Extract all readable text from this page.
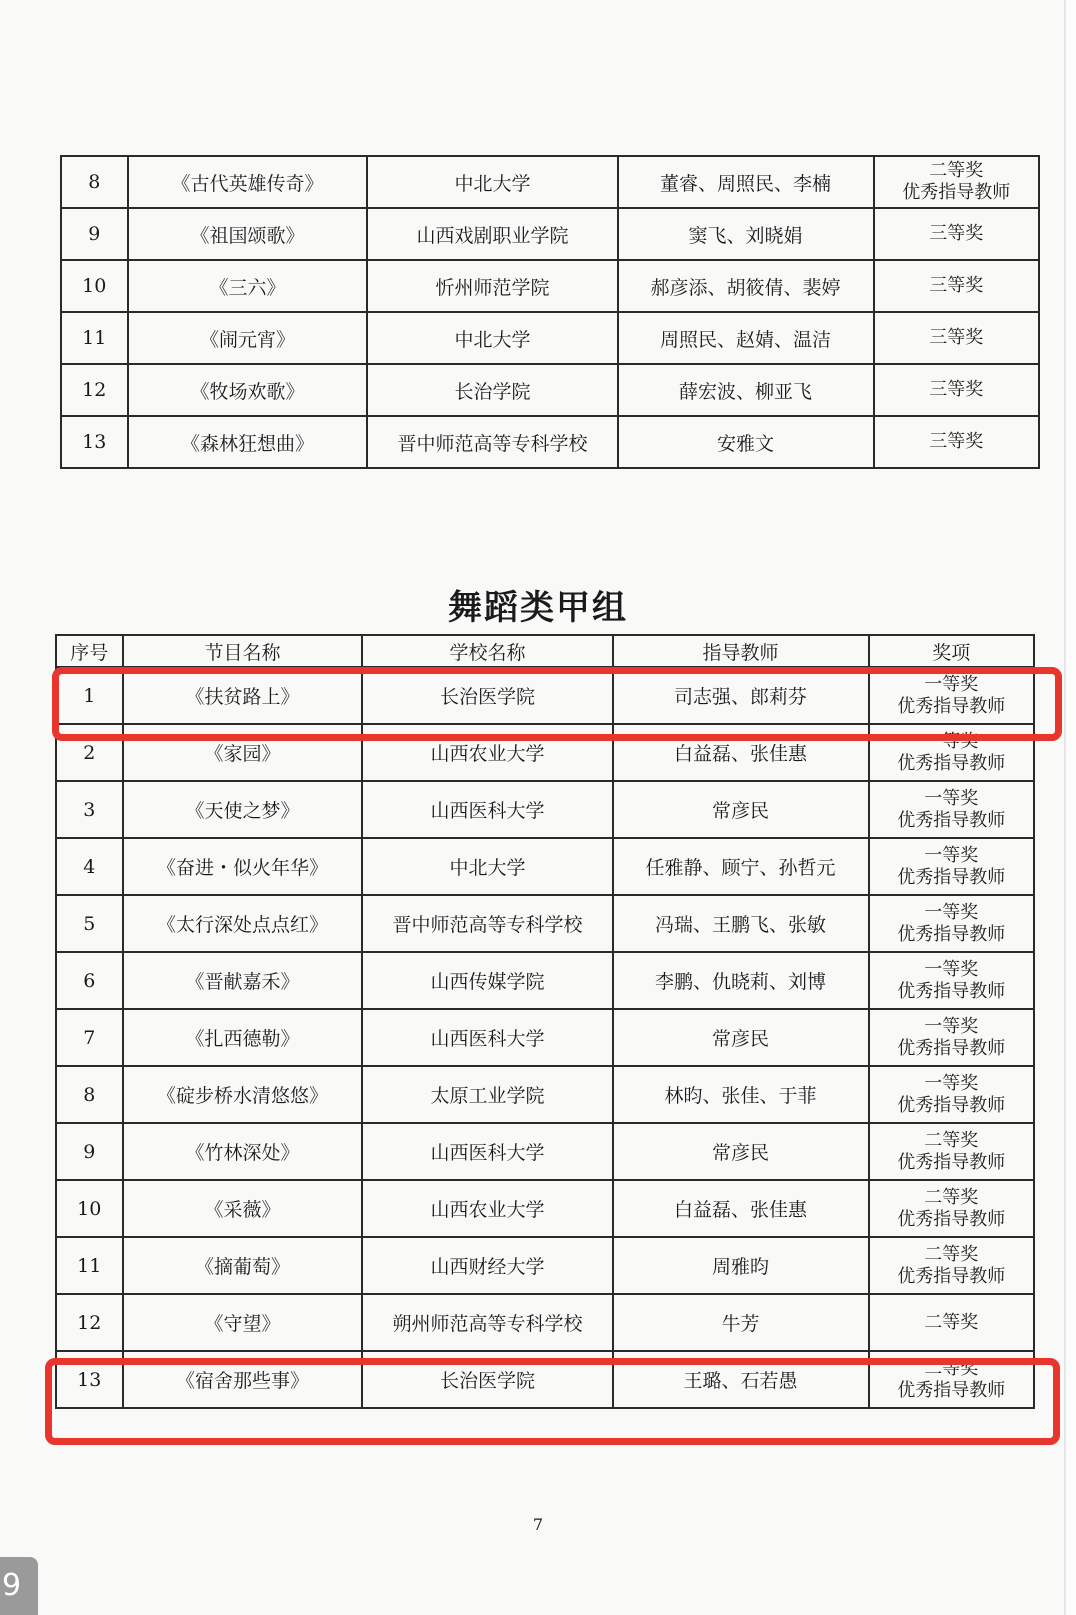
8	《古代英雄传奇》	中北大学	董睿、周照民、李楠	二等奖
优秀指导教师

9	《祖国颂歌》	山西戏剧职业学院	窦飞、刘晓娟	三等奖

10	《三六》	忻州师范学院	郝彦添、胡筱倩、裴婷	三等奖

11	《闹元宵》	中北大学	周照民、赵婧、温洁	三等奖

12	《牧场欢歌》	长治学院	薛宏波、柳亚飞	三等奖

13	《森林狂想曲》	晋中师范高等专科学校	安雅文	三等奖
舞蹈类甲组
序号	节目名称	学校名称	指导教师	奖项
1	《扶贫路上》	长治医学院	司志强、郎莉芬	一等奖
优秀指导教师

2	《家园》	山西农业大学	白益磊、张佳惠	一等奖
优秀指导教师

3	《天使之梦》	山西医科大学	常彦民	一等奖
优秀指导教师

4	《奋进・似火年华》	中北大学	任雅静、顾宁、孙哲元	一等奖
优秀指导教师

5	《太行深处点点红》	晋中师范高等专科学校	冯瑞、王鹏飞、张敏	一等奖
优秀指导教师

6	《晋献嘉禾》	山西传媒学院	李鹏、仇晓莉、刘博	一等奖
优秀指导教师

7	《扎西德勒》	山西医科大学	常彦民	一等奖
优秀指导教师

8	《碇步桥水清悠悠》	太原工业学院	林昀、张佳、于菲	一等奖
优秀指导教师

9	《竹林深处》	山西医科大学	常彦民	二等奖
优秀指导教师

10	《采薇》	山西农业大学	白益磊、张佳惠	二等奖
优秀指导教师

11	《摘葡萄》	山西财经大学	周雅昀	二等奖
优秀指导教师

12	《守望》	朔州师范高等专科学校	牛芳	二等奖

13	《宿舍那些事》	长治医学院	王璐、石若愚	二等奖
优秀指导教师
7
9
